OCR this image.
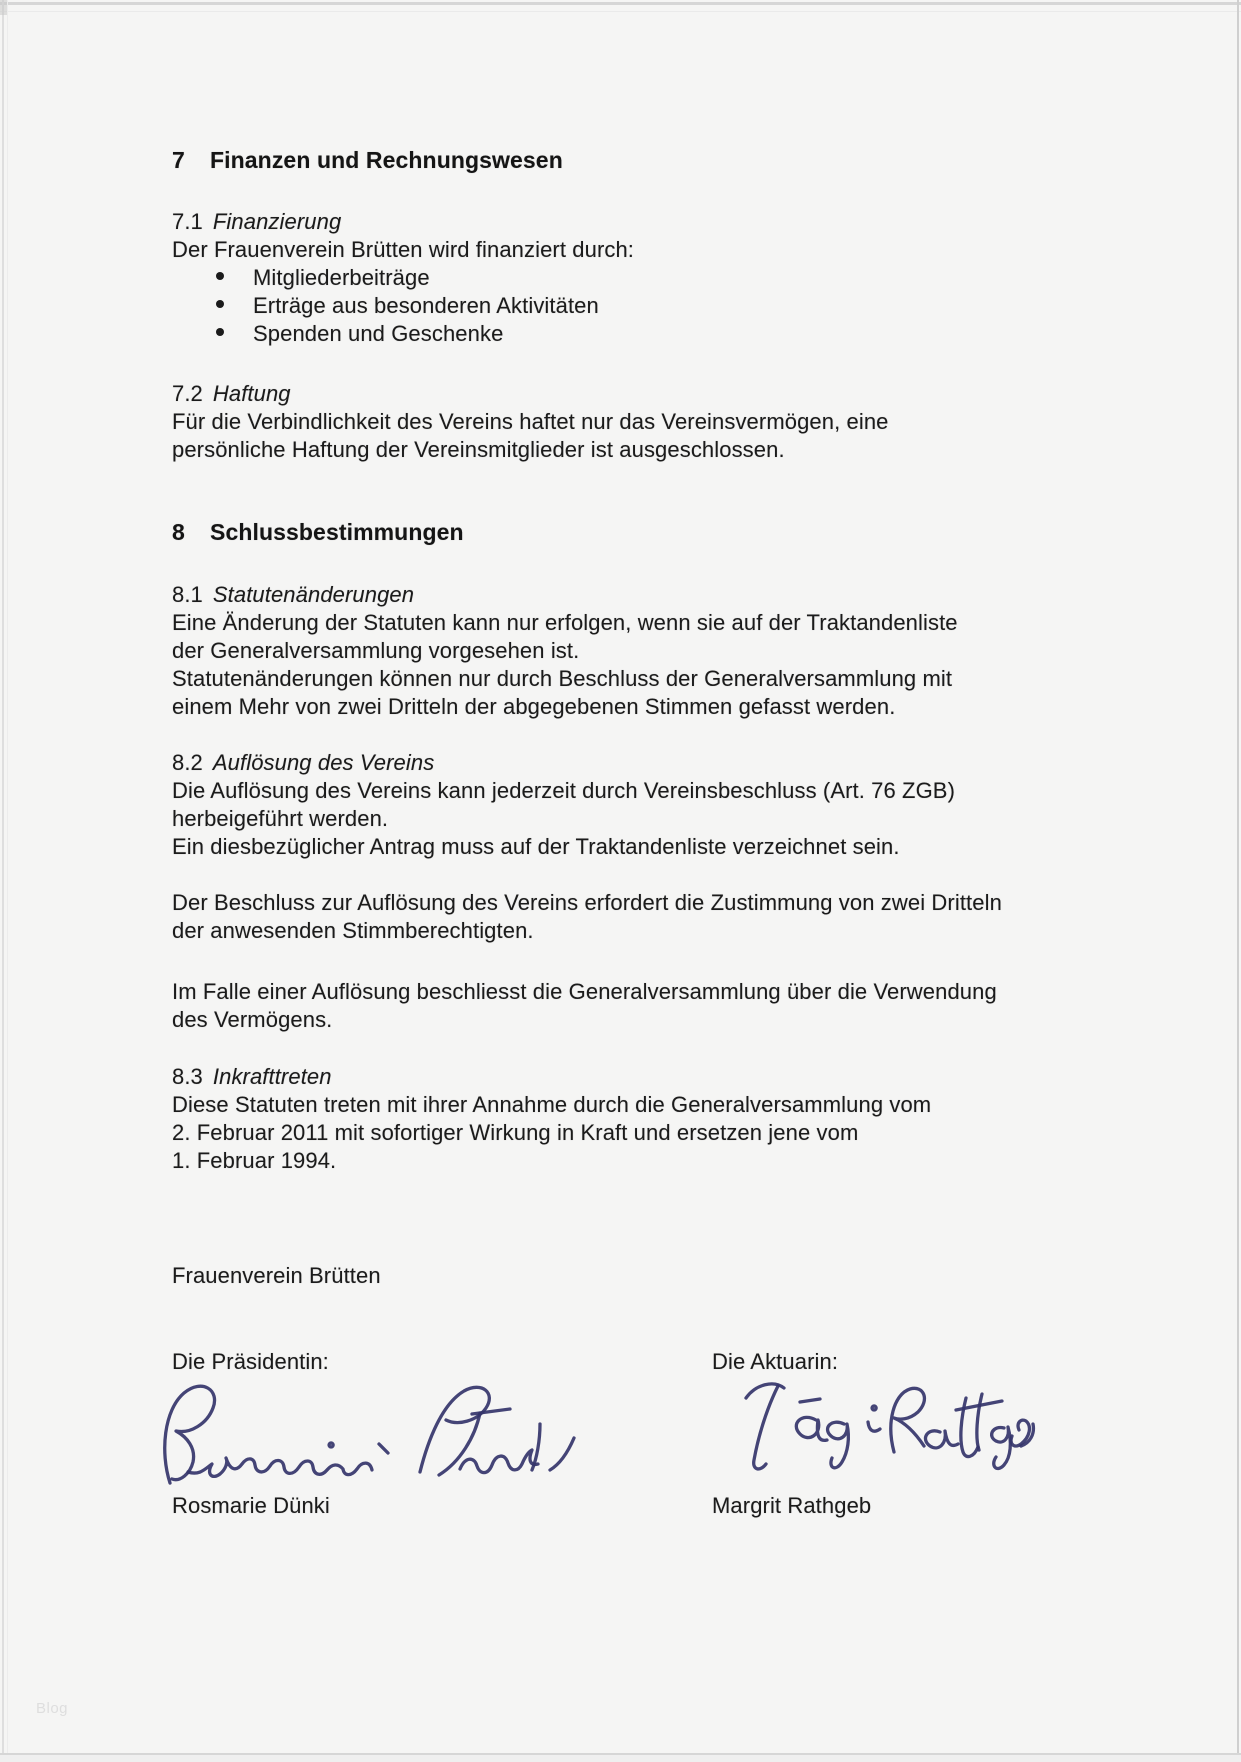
7 Finanzen und Rechnungswesen
7.1 Finanzierung
Der Frauenverein Brütten wird finanziert durch:
Mitgliederbeiträge
Erträge aus besonderen Aktivitäten
Spenden und Geschenke
7.2 Haftung
Für die Verbindlichkeit des Vereins haftet nur das Vereinsvermögen, eine
persönliche Haftung der Vereinsmitglieder ist ausgeschlossen.
8 Schlussbestimmungen
8.1 Statutenänderungen
Eine Änderung der Statuten kann nur erfolgen, wenn sie auf der Traktandenliste
der Generalversammlung vorgesehen ist.
Statutenänderungen können nur durch Beschluss der Generalversammlung mit
einem Mehr von zwei Dritteln der abgegebenen Stimmen gefasst werden.
8.2 Auflösung des Vereins
Die Auflösung des Vereins kann jederzeit durch Vereinsbeschluss (Art. 76 ZGB)
herbeigeführt werden.
Ein diesbezüglicher Antrag muss auf der Traktandenliste verzeichnet sein.
Der Beschluss zur Auflösung des Vereins erfordert die Zustimmung von zwei Dritteln
der anwesenden Stimmberechtigten.
Im Falle einer Auflösung beschliesst die Generalversammlung über die Verwendung
des Vermögens.
8.3 Inkrafttreten
Diese Statuten treten mit ihrer Annahme durch die Generalversammlung vom
2. Februar 2011 mit sofortiger Wirkung in Kraft und ersetzen jene vom
1. Februar 1994.
Frauenverein Brütten
Die Präsidentin:	Die Aktuarin:
Rosmarie Dünki	Margrit Rathgeb
Blog
